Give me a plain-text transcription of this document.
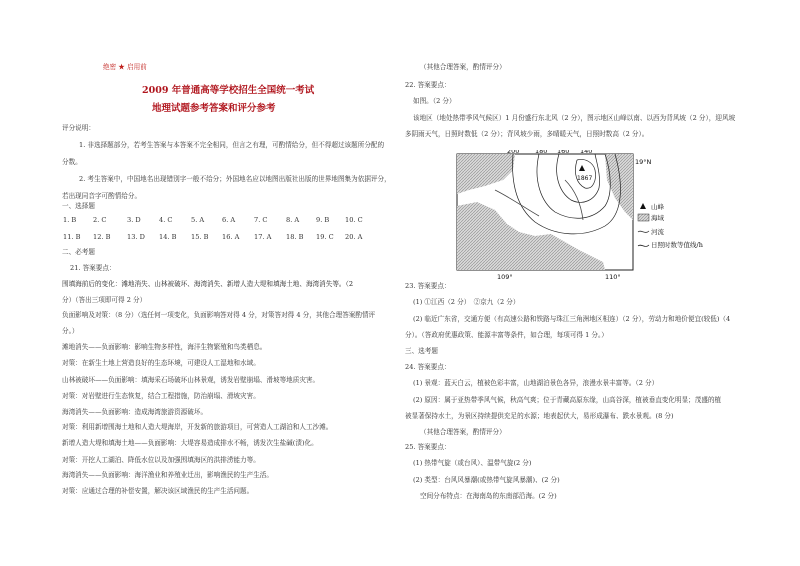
绝密 ★ 启用前
2009 年普通高等学校招生全国统一考试
地理试题参考答案和评分参考
评分说明：
1. 非选择题部分，若考生答案与本答案不完全相同，但言之有理，可酌情给分，但不得超过该题所分配的
分数。
2. 考生答案中，中国地名出现错别字一般不给分；外国地名应以地图出版社出版的世界地图集为依据评分，
若出现同音字可酌情给分。
一、选择题
1. B	2. C	3. D	4. C	5. A	6. A	7. C	8. A	9. B 10. C
11. B 12. B	13. D 14. B 15. B 16. A 17. A 18. B 19. C 20. A
二、必考题
21. 答案要点：
围填海前后的变化：滩地消失、山林被破坏、海湾消失、新增人造大堤和填海土地、海湾消失等。（2
分）（答出三项即可得 2 分）
负面影响及对策：（8 分）（选任何一项变化，负面影响答对得 4 分，对策答对得 4 分，其他合理答案酌情评
分。）
滩地消失——负面影响：影响生物多样性，海洋生物繁殖和鸟类栖息。
对策：在新生土地上营造良好的生态环境，可建设人工湿地和水域。
山林被破坏——负面影响：填海采石场破坏山林景观，诱发岩壁崩塌、滑坡等地质灾害。
对策：对岩壁进行生态恢复，结合工程措施，防治崩塌、滑坡灾害。
海湾消失——负面影响：造成海湾旅游资源破坏。
对策：利用新增围海土地和人造大堤海岸，开发新的旅游项目，可营造人工湖泊和人工沙滩。
新增人造大堤和填海土地——负面影响：大堤容易造成排水不畅，诱发次生盐碱(渍)化。
对策：开挖人工湖泊、降低水位以及加强围填海区的洪排涝能力等。
海湾消失——负面影响：海洋渔业和养殖业迁出，影响渔民的生产生活。
对策：应通过合理的补偿安置，解决该区域渔民的生产生活问题。
（其他合理答案，酌情评分）
22. 答案要点：
如图。（2 分）
该地区（地处热带季风气候区）1 月份盛行东北风（2 分），图示地区山峰以南、以西为背风坡（2 分），迎风坡
多阴雨天气，日照时数低（2 分）；背风坡少雨，多晴暖天气，日照时数高（2 分）。
1867
200 180 160 140
19°N
109°	110°
山峰
海域
河流
日照时数等值线/h
23. 答案要点：
(1) ①江西（2 分）　②京九（2 分）
(2) 临近广东省，交通方便（有高速公路和铁路与珠江三角洲地区相连）（2 分），劳动力和地价便宜(较低)（4
分）。（答政府优惠政策、能源丰富等条件，如合理，每项可得 1 分。）
三、选考题
24. 答案要点：
(1) 景观：蓝天白云，植被色彩丰富，山地湖泊景色各异，浪漫水景丰富等。（2 分）
(2) 原因：属于亚热带季风气候，秋高气爽；位于青藏高原东缘，山高谷深，植被垂直变化明显；茂盛的植
被显著保持水土，为景区持续提供充足的水源；地表起伏大，易形成瀑布、跌水景观。(8 分)
（其他合理答案，酌情评分）
25. 答案要点：
(1) 热带气旋（或台风）、温带气旋(2 分)
(2) 类型：台风风暴潮(或热带气旋风暴潮)、(2 分)
空间分布特点：在海南岛的东南部沿海。(2 分)
